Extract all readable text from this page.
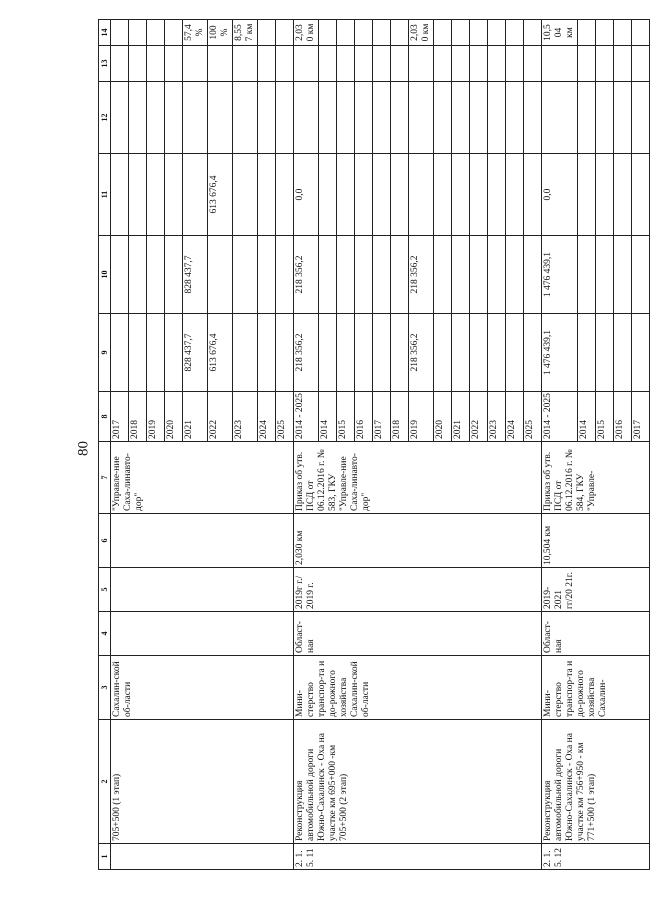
80
1	2	3	4	5	6	7	8	9	10	11	12	13	14
	705+500 (1 этап)	Сахалин-ской об-ласти				"Управле-ние Саха-линавто-дор"	2017						
							2018						
							2019						
							2020						
							2021	828 437,7	828 437,7				57,4%
							2022	613 676,4		613 676,4			100 %
							2023						8,557 км
							2024						
							2025						
2. 1. 5. 11	Реконструкция автомобильной дороги Южно-Сахалинск - Оха на участке км 695+000 -км 705+500 (2 этап)	Мини-стерство транспор-та и до-рожного хозяйства Сахалин-ской об-ласти	Област-ная	2019г г./ 2019 г.	2,030 км	Приказ об утв. ПСД от 06.12.2016 г. № 583, ГКУ "Управле-ние Саха-линавто-дор"	2014 - 2025	218 356,2	218 356,2	0,0			2,030 км
							2014						
							2015						
							2016						
							2017						
							2018						
							2019	218 356,2	218 356,2				2,030 км
							2020						
							2021						
							2022						
							2023						
							2024						
							2025						
2. 1. 5. 12	Реконструкция автомобильной дороги Южно-Сахалинск - Оха на участке км 756+950 - км 771+500 (1 этап)	Мини-стерство транспор-та и до-рожного хозяйства Сахалин-	Област-ная	2019-2021 гг/20 21г.	10,504 км	Приказ об утв. ПСД от 06.12.2016 г. № 584, ГКУ "Управле-	2014 - 2025	1 476 439,1	1 476 439,1	0,0			10,504 км
							2014						
							2015						
							2016						
							2017						
